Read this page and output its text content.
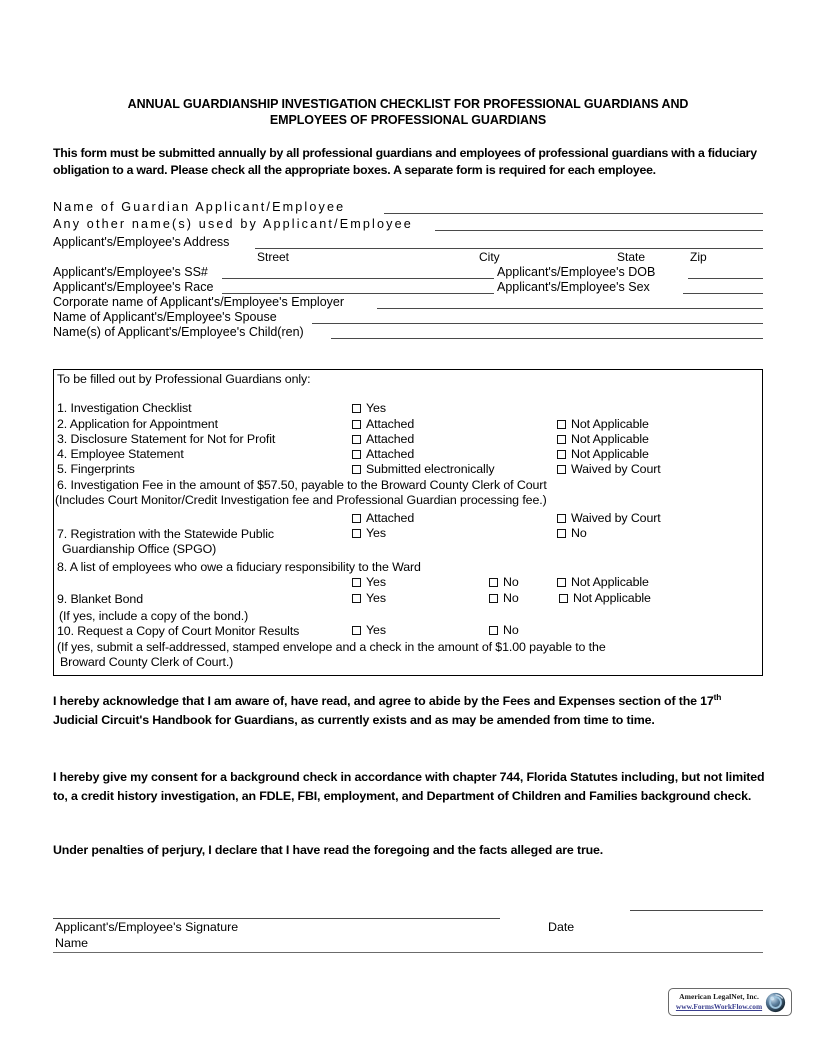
ANNUAL GUARDIANSHIP INVESTIGATION CHECKLIST FOR PROFESSIONAL GUARDIANS AND
EMPLOYEES OF PROFESSIONAL GUARDIANS
This form must be submitted annually by all professional guardians and employees of professional guardians with a fiduciary obligation to a ward. Please check all the appropriate boxes. A separate form is required for each employee.
Name of Guardian Applicant/Employee
Any other name(s) used by Applicant/Employee
Applicant's/Employee's Address
Street	City	State	Zip
Applicant's/Employee's SS#	Applicant's/Employee's DOB
Applicant's/Employee's Race	Applicant's/Employee's Sex
Corporate name of Applicant's/Employee's Employer
Name of Applicant's/Employee's Spouse
Name(s) of Applicant's/Employee's Child(ren)
To be filled out by Professional Guardians only:
1. Investigation Checklist	Yes
2. Application for Appointment	Attached	Not Applicable
3. Disclosure Statement for Not for Profit	Attached	Not Applicable
4. Employee Statement	Attached	Not Applicable
5. Fingerprints	Submitted electronically	Waived by Court
6. Investigation Fee in the amount of $57.50, payable to the Broward County Clerk of Court
(Includes Court Monitor/Credit Investigation fee and Professional Guardian processing fee.)
Attached	Waived by Court
7. Registration with the Statewide Public
Guardianship Office (SPGO)
Yes	No
8. A list of employees who owe a fiduciary responsibility to the Ward
Yes	No	Not Applicable
9. Blanket Bond
(If yes, include a copy of the bond.)
Yes	No	Not Applicable
10. Request a Copy of Court Monitor Results	Yes	No
(If yes, submit a self-addressed, stamped envelope and a check in the amount of $1.00 payable to the
Broward County Clerk of Court.)
I hereby acknowledge that I am aware of, have read, and agree to abide by the Fees and Expenses section of the 17th Judicial Circuit's Handbook for Guardians, as currently exists and as may be amended from time to time.
I hereby give my consent for a background check in accordance with chapter 744, Florida Statutes including, but not limited to, a credit history investigation, an FDLE, FBI, employment, and Department of Children and Families background check.
Under penalties of perjury, I declare that I have read the foregoing and the facts alleged are true.
Applicant's/Employee's Signature
Name
Date
American LegalNet, Inc.
www.FormsWorkFlow.com
